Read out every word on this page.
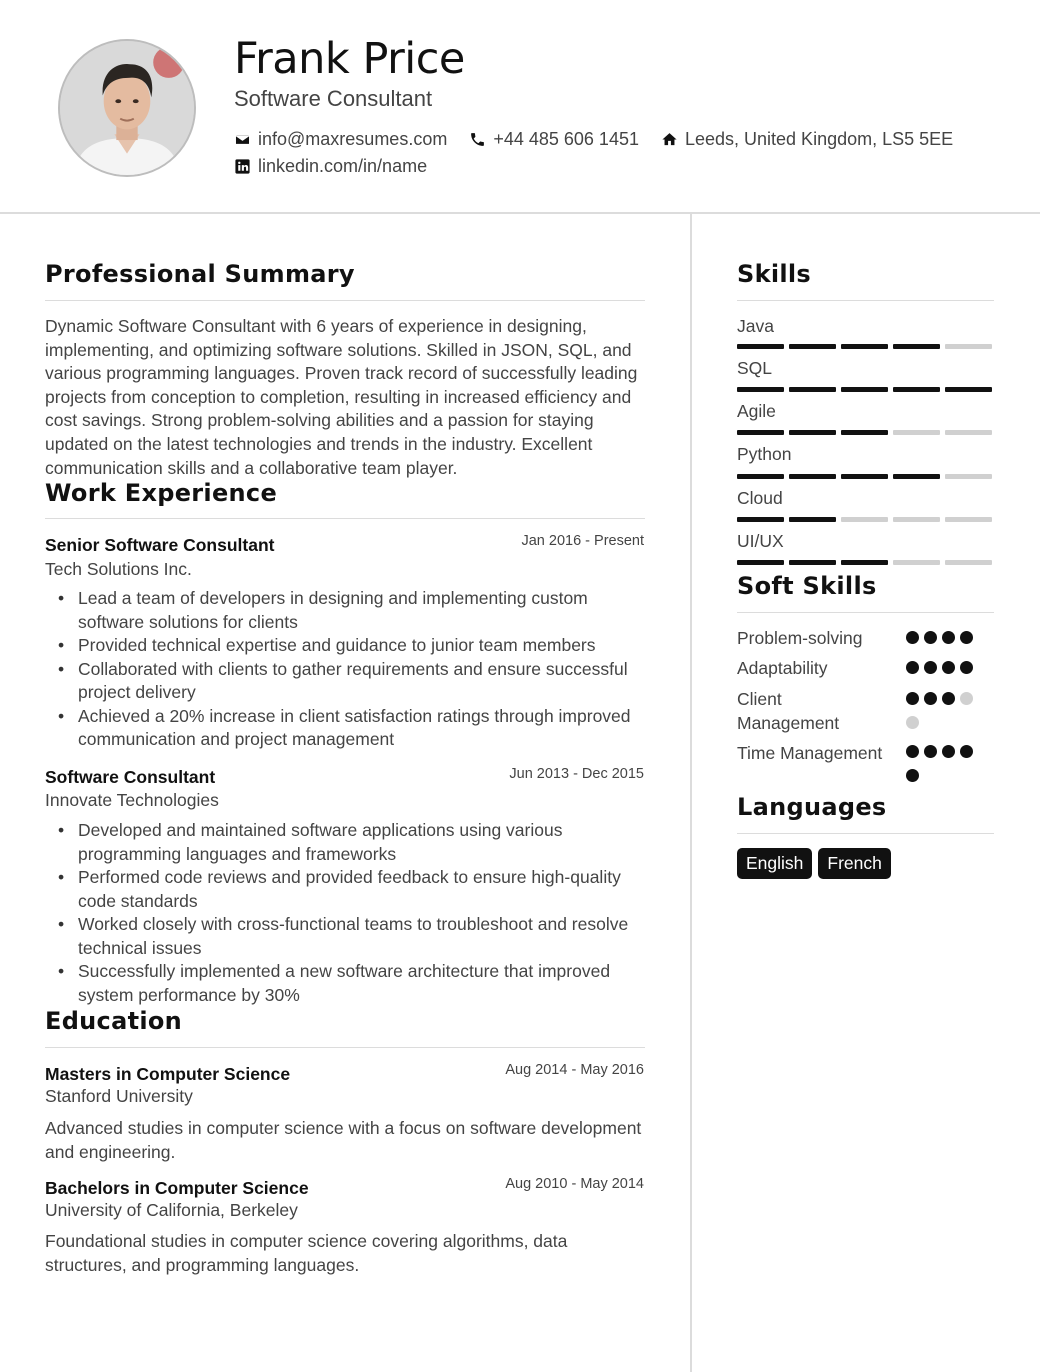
Frank Price
Software Consultant
info@maxresumes.com	+44 485 606 1451	Leeds, United Kingdom, LS5 5EE
linkedin.com/in/name
Professional Summary
Dynamic Software Consultant with 6 years of experience in designing, implementing, and optimizing software solutions. Skilled in JSON, SQL, and various programming languages. Proven track record of successfully leading projects from conception to completion, resulting in increased efficiency and cost savings. Strong problem-solving abilities and a passion for staying updated on the latest technologies and trends in the industry. Excellent communication skills and a collaborative team player.
Work Experience
Senior Software Consultant	Jan 2016 - Present
Tech Solutions Inc.
• Lead a team of developers in designing and implementing custom software solutions for clients
• Provided technical expertise and guidance to junior team members
• Collaborated with clients to gather requirements and ensure successful project delivery
• Achieved a 20% increase in client satisfaction ratings through improved communication and project management
Software Consultant	Jun 2013 - Dec 2015
Innovate Technologies
• Developed and maintained software applications using various programming languages and frameworks
• Performed code reviews and provided feedback to ensure high-quality code standards
• Worked closely with cross-functional teams to troubleshoot and resolve technical issues
• Successfully implemented a new software architecture that improved system performance by 30%
Education
Masters in Computer Science	Aug 2014 - May 2016
Stanford University
Advanced studies in computer science with a focus on software development and engineering.
Bachelors in Computer Science	Aug 2010 - May 2014
University of California, Berkeley
Foundational studies in computer science covering algorithms, data structures, and programming languages.
Skills
Java
SQL
Agile
Python
Cloud
UI/UX
Soft Skills
Problem-solving
Adaptability
Client Management
Time Management
Languages
English	French
